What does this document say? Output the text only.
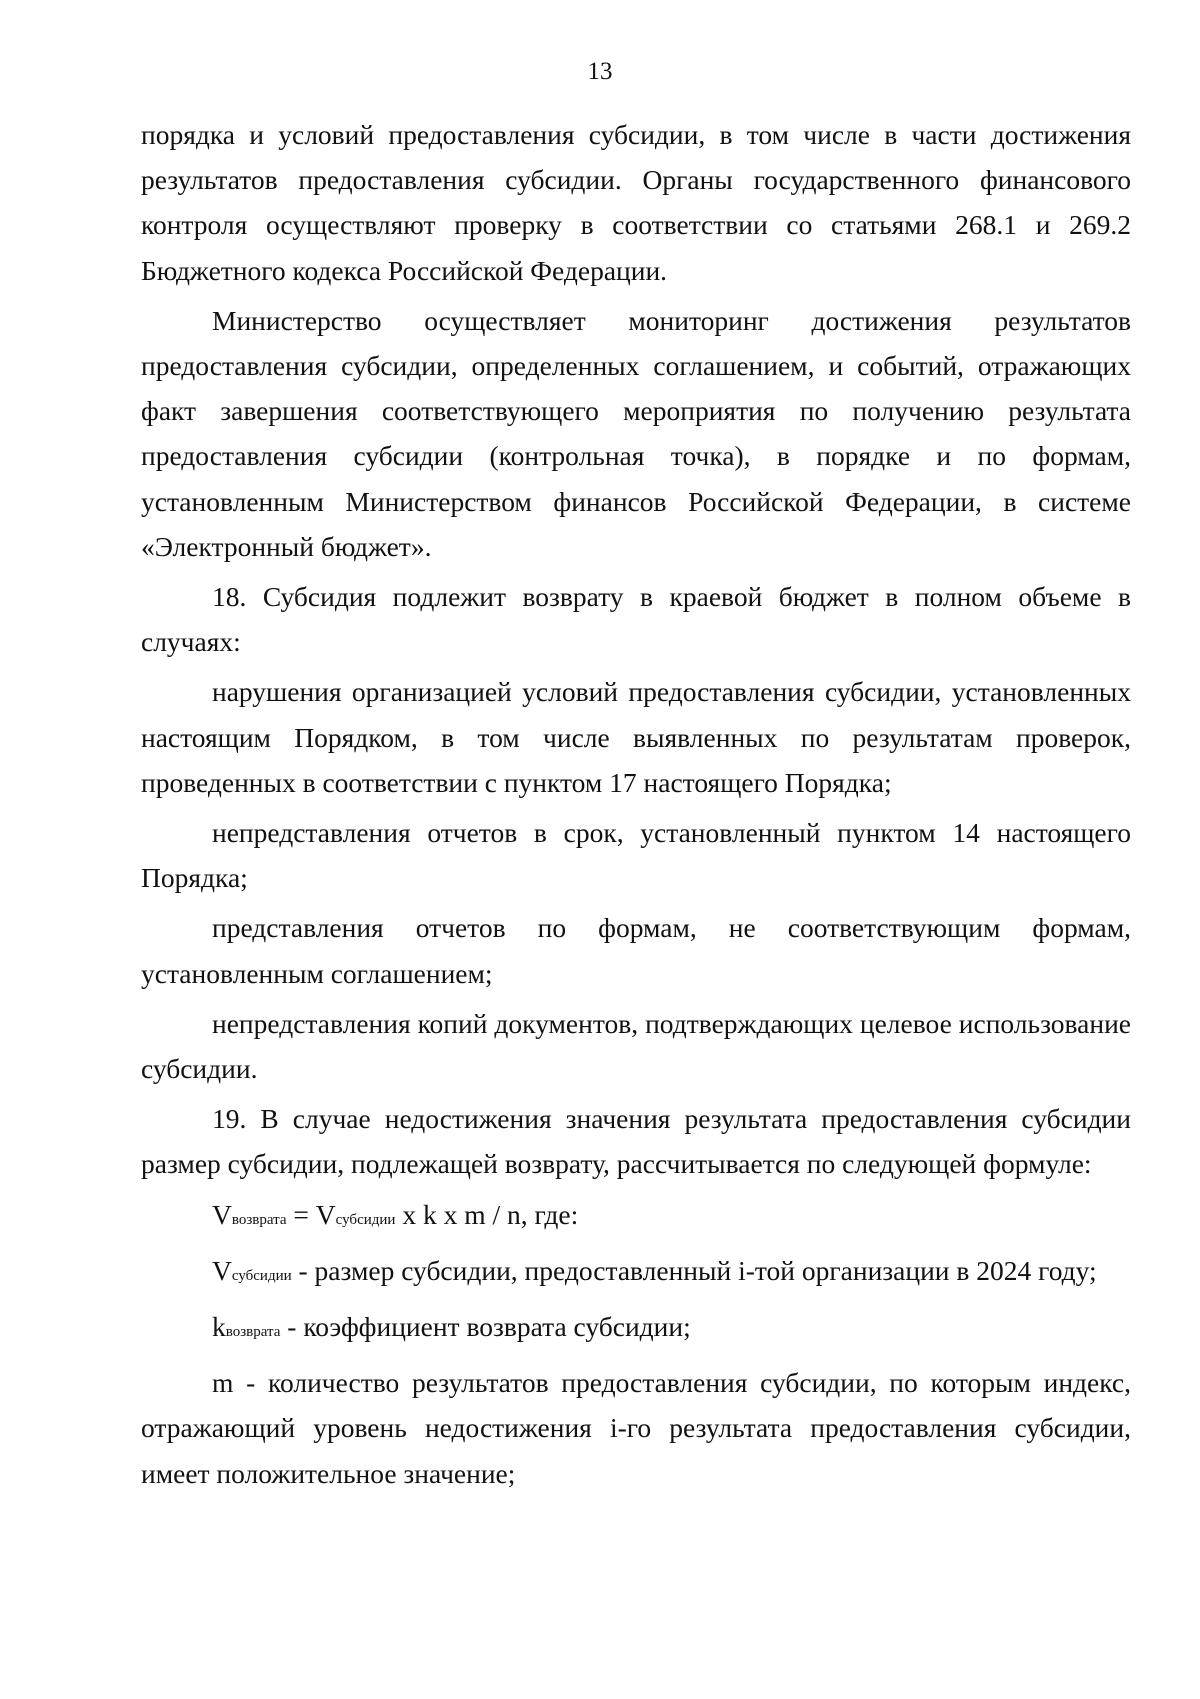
13

порядка и условий предоставления субсидии, в том числе в части достижения результатов предоставления субсидии. Органы государственного финансового контроля осуществляют проверку в соответствии со статьями 268.1 и 269.2 Бюджетного кодекса Российской Федерации.

Министерство осуществляет мониторинг достижения результатов предоставления субсидии, определенных соглашением, и событий, отражающих факт завершения соответствующего мероприятия по получению результата предоставления субсидии (контрольная точка), в порядке и по формам, установленным Министерством финансов Российской Федерации, в системе «Электронный бюджет».

18. Субсидия подлежит возврату в краевой бюджет в полном объеме в случаях:

нарушения организацией условий предоставления субсидии, установленных настоящим Порядком, в том числе выявленных по результатам проверок, проведенных в соответствии с пунктом 17 настоящего Порядка;

непредставления отчетов в срок, установленный пунктом 14 настоящего Порядка;

представления отчетов по формам, не соответствующим формам, установленным соглашением;

непредставления копий документов, подтверждающих целевое использование субсидии.

19. В случае недостижения значения результата предоставления субсидии размер субсидии, подлежащей возврату, рассчитывается по следующей формуле:

Vвозврата = Vсубсидии x k x m / n, где:

Vсубсидии - размер субсидии, предоставленный i-той организации в 2024 году;

kвозврата - коэффициент возврата субсидии;

m - количество результатов предоставления субсидии, по которым индекс, отражающий уровень недостижения i-го результата предоставления субсидии, имеет положительное значение;
